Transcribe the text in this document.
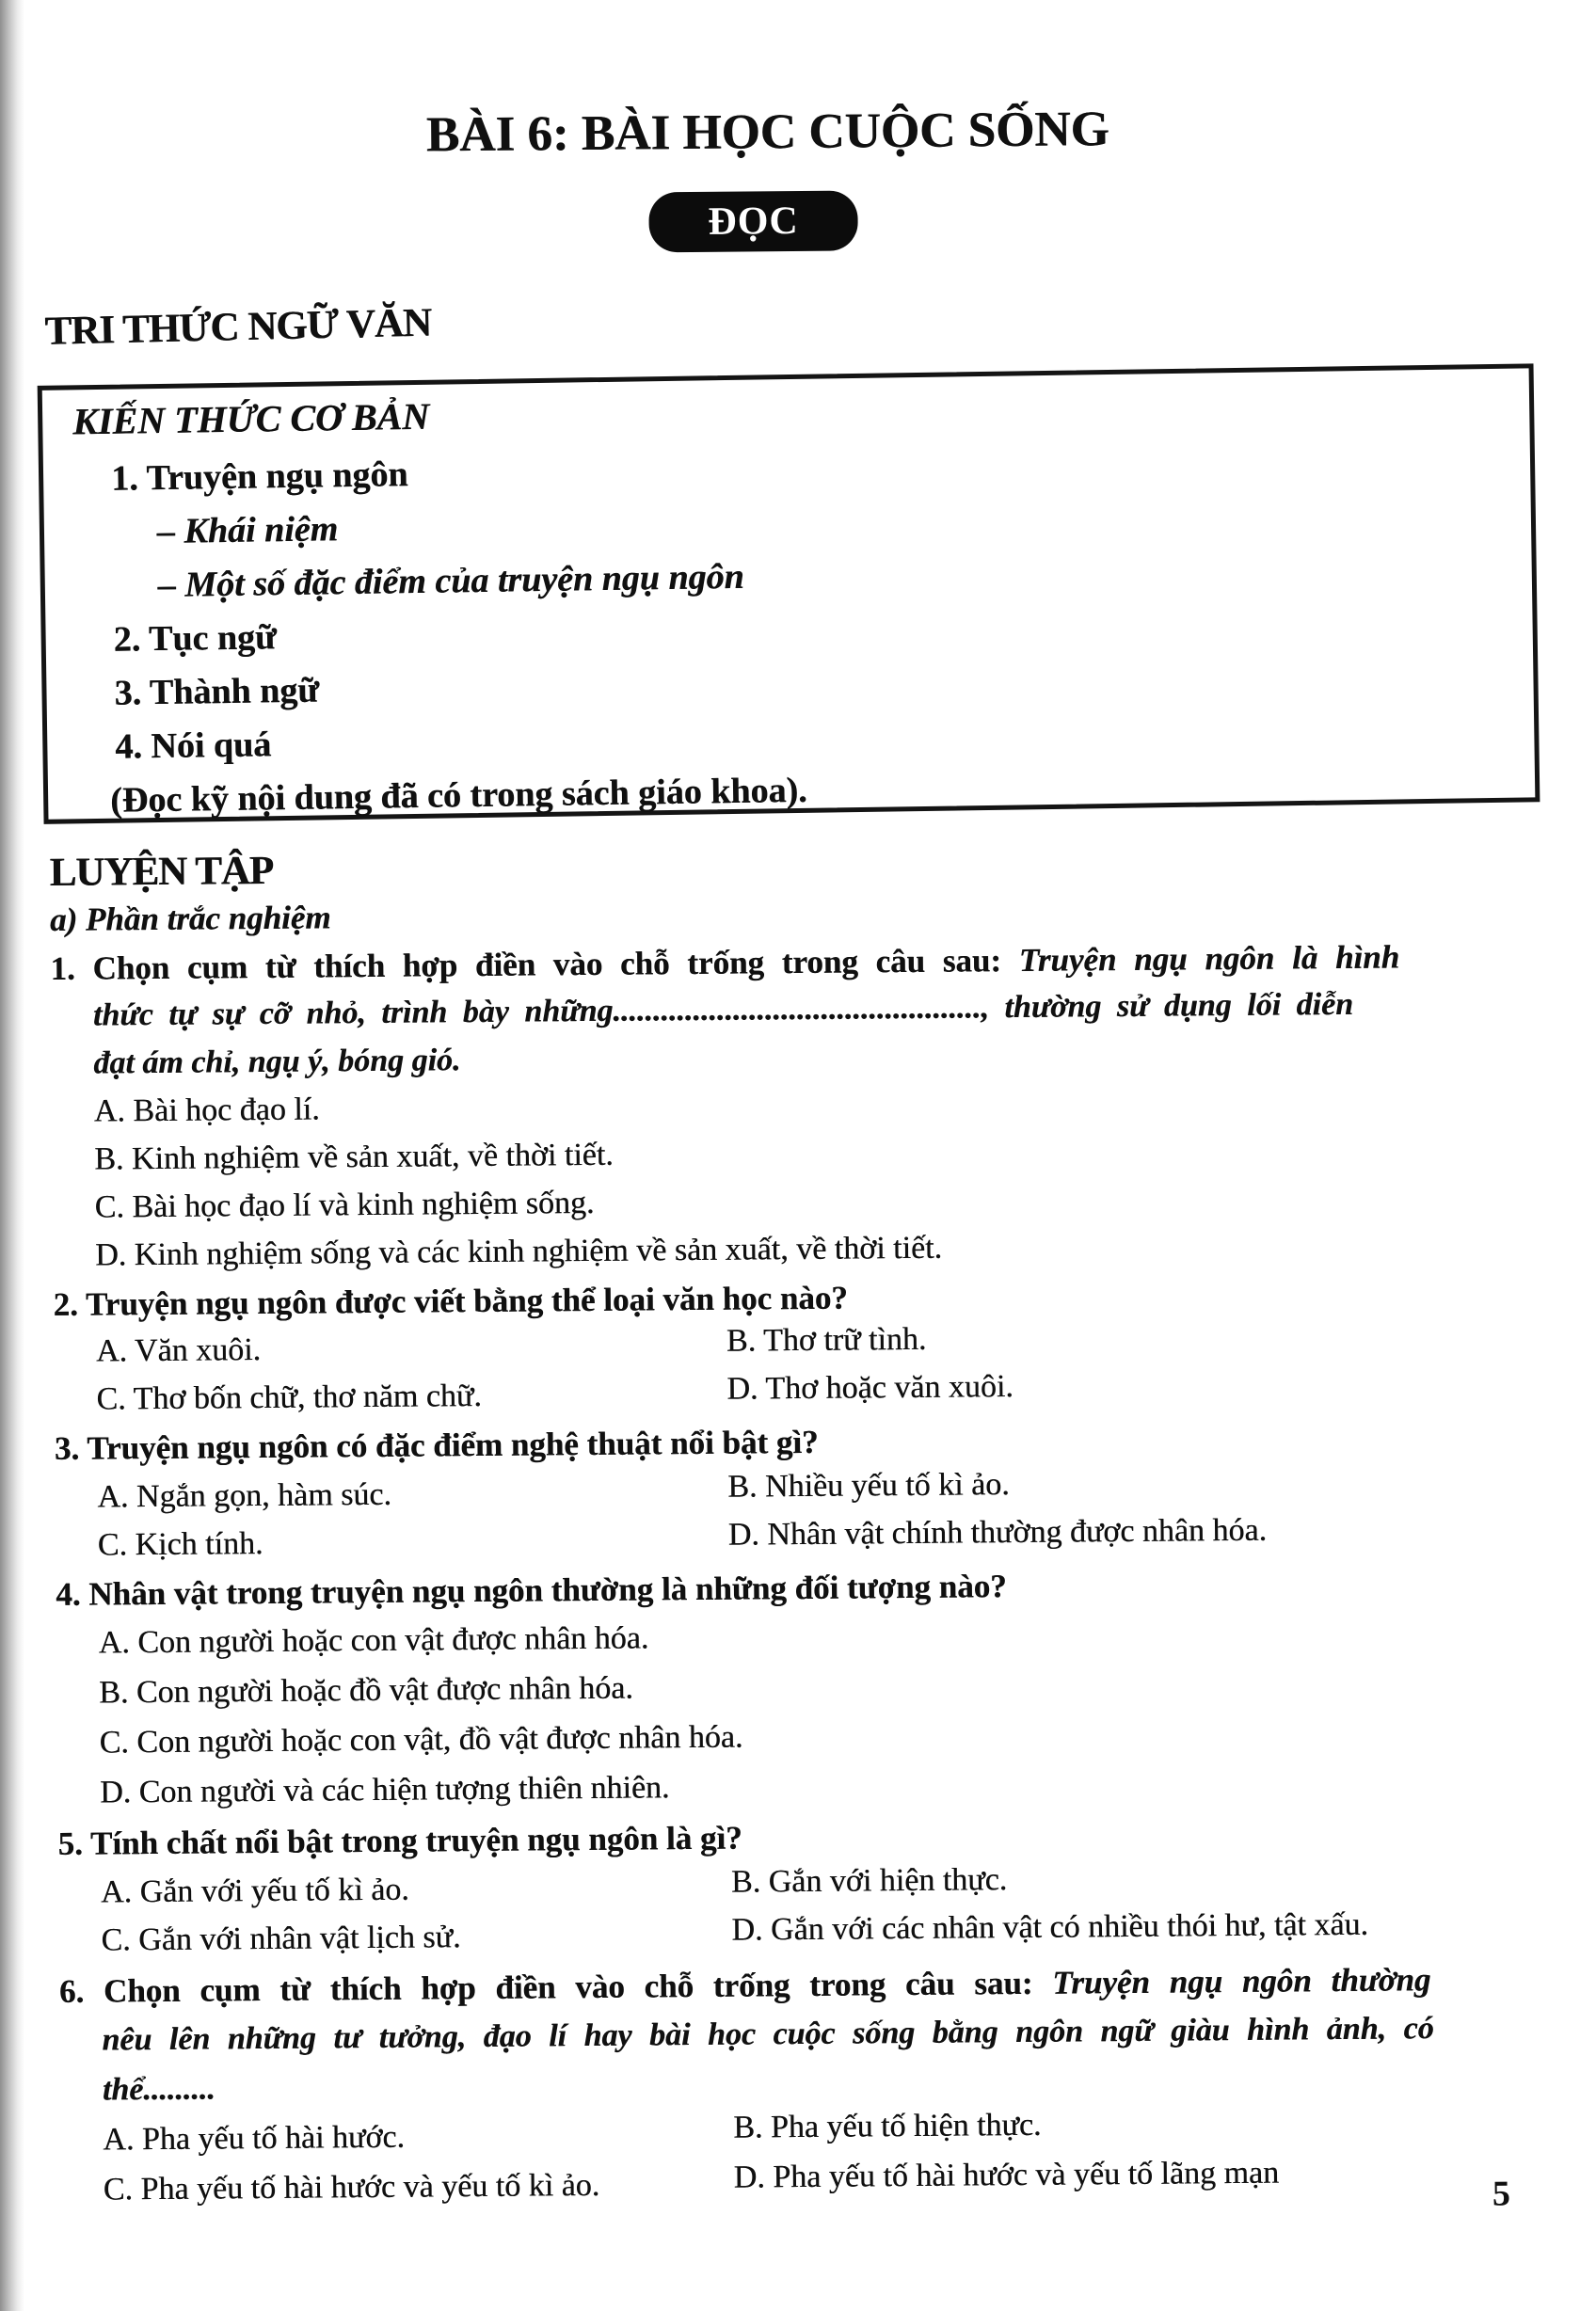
BÀI 6: BÀI HỌC CUỘC SỐNG
ĐỌC
TRI THỨC NGỮ VĂN
KIẾN THỨC CƠ BẢN
1. Truyện ngụ ngôn
– Khái niệm
– Một số đặc điểm của truyện ngụ ngôn
2. Tục ngữ
3. Thành ngữ
4. Nói quá
(Đọc kỹ nội dung đã có trong sách giáo khoa).
LUYỆN TẬP
a) Phần trắc nghiệm
1. Chọn cụm từ thích hợp điền vào chỗ trống trong câu sau: Truyện ngụ ngôn là hình
thức tự sự cỡ nhỏ, trình bày những.............................................., thường sử dụng lối diễn
đạt ám chỉ, ngụ ý, bóng gió.
A. Bài học đạo lí.
B. Kinh nghiệm về sản xuất, về thời tiết.
C. Bài học đạo lí và kinh nghiệm sống.
D. Kinh nghiệm sống và các kinh nghiệm về sản xuất, về thời tiết.
2. Truyện ngụ ngôn được viết bằng thể loại văn học nào?
A. Văn xuôi.	B. Thơ trữ tình.
C. Thơ bốn chữ, thơ năm chữ.	D. Thơ hoặc văn xuôi.
3. Truyện ngụ ngôn có đặc điểm nghệ thuật nổi bật gì?
A. Ngắn gọn, hàm súc.	B. Nhiều yếu tố kì ảo.
C. Kịch tính.	D. Nhân vật chính thường được nhân hóa.
4. Nhân vật trong truyện ngụ ngôn thường là những đối tượng nào?
A. Con người hoặc con vật được nhân hóa.
B. Con người hoặc đồ vật được nhân hóa.
C. Con người hoặc con vật, đồ vật được nhân hóa.
D. Con người và các hiện tượng thiên nhiên.
5. Tính chất nổi bật trong truyện ngụ ngôn là gì?
A. Gắn với yếu tố kì ảo.	B. Gắn với hiện thực.
C. Gắn với nhân vật lịch sử.	D. Gắn với các nhân vật có nhiều thói hư, tật xấu.
6. Chọn cụm từ thích hợp điền vào chỗ trống trong câu sau: Truyện ngụ ngôn thường
nêu lên những tư tưởng, đạo lí hay bài học cuộc sống bằng ngôn ngữ giàu hình ảnh, có
thể.........
A. Pha yếu tố hài hước.	B. Pha yếu tố hiện thực.
C. Pha yếu tố hài hước và yếu tố kì ảo.	D. Pha yếu tố hài hước và yếu tố lãng mạn	5
